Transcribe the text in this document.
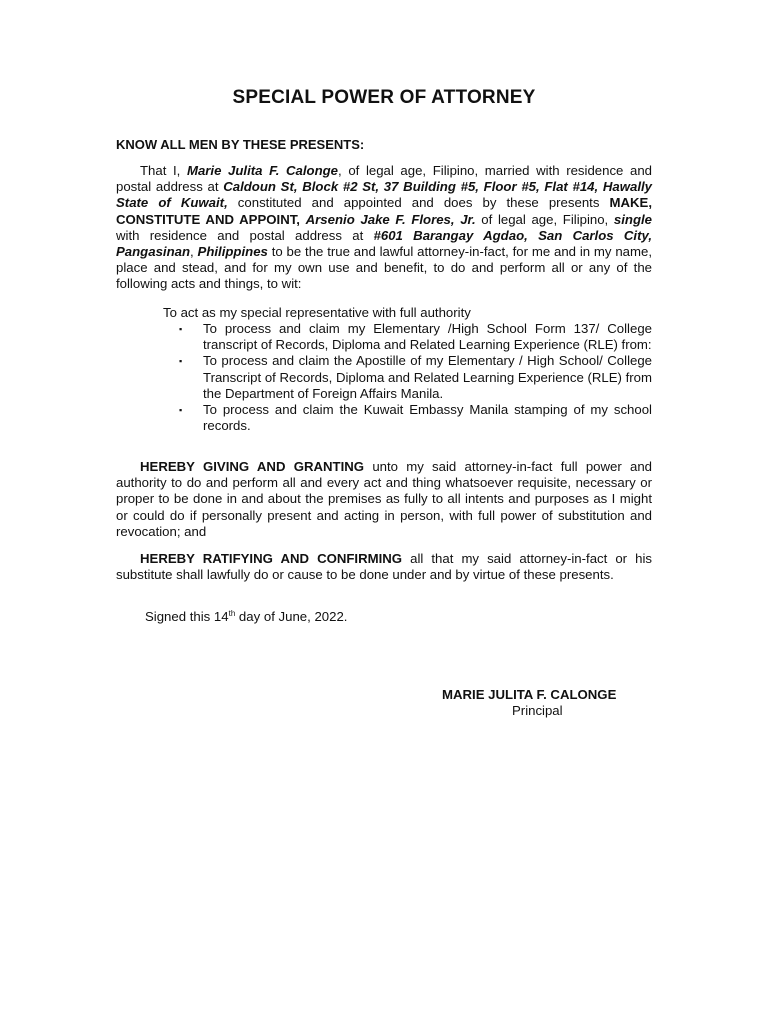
SPECIAL POWER OF ATTORNEY

KNOW ALL MEN BY THESE PRESENTS:

That I, Marie Julita F. Calonge, of legal age, Filipino, married with residence and postal address at Caldoun St, Block #2 St, 37 Building #5, Floor #5, Flat #14, Hawally State of Kuwait, constituted and appointed and does by these presents MAKE, CONSTITUTE AND APPOINT, Arsenio Jake F. Flores, Jr. of legal age, Filipino, single with residence and postal address at #601 Barangay Agdao, San Carlos City, Pangasinan, Philippines to be the true and lawful attorney-in-fact, for me and in my name, place and stead, and for my own use and benefit, to do and perform all or any of the following acts and things, to wit:

To act as my special representative with full authority

▪ To process and claim my Elementary /High School Form 137/ College transcript of Records, Diploma and Related Learning Experience (RLE) from:
▪ To process and claim the Apostille of my Elementary / High School/ College Transcript of Records, Diploma and Related Learning Experience (RLE) from the Department of Foreign Affairs Manila.
▪ To process and claim the Kuwait Embassy Manila stamping of my school records.

HEREBY GIVING AND GRANTING unto my said attorney-in-fact full power and authority to do and perform all and every act and thing whatsoever requisite, necessary or proper to be done in and about the premises as fully to all intents and purposes as I might or could do if personally present and acting in person, with full power of substitution and revocation; and

HEREBY RATIFYING AND CONFIRMING all that my said attorney-in-fact or his substitute shall lawfully do or cause to be done under and by virtue of these presents.

Signed this 14th day of June, 2022.

MARIE JULITA F. CALONGE

Principal
